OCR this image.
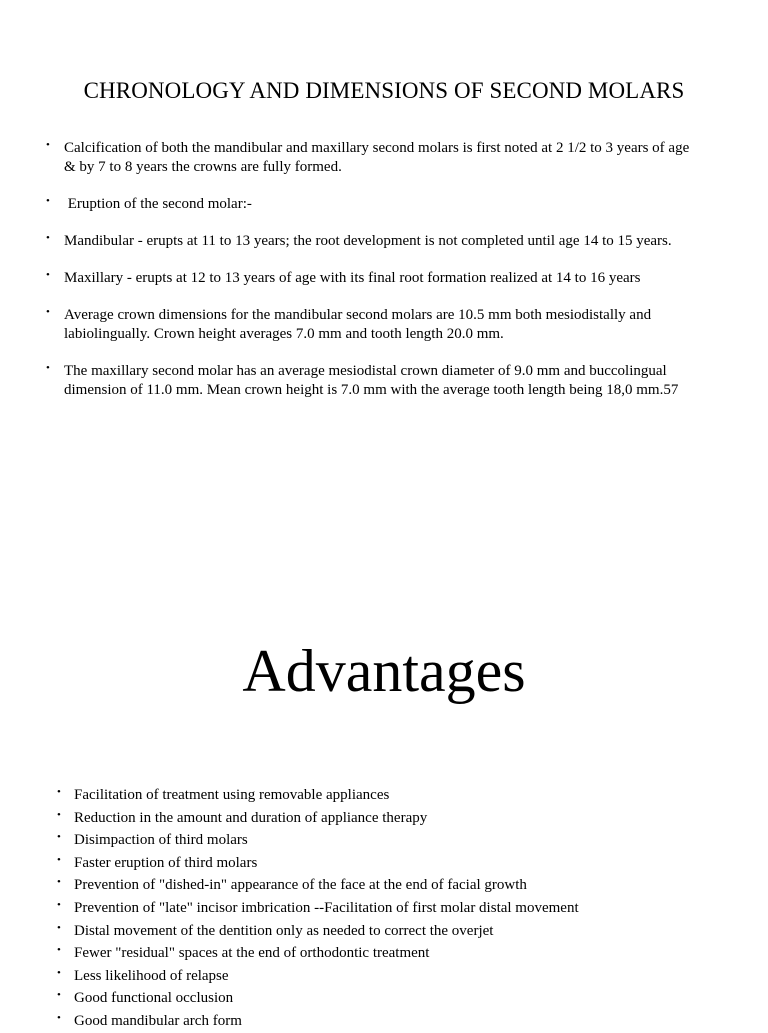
CHRONOLOGY AND DIMENSIONS OF SECOND MOLARS
• Calcification of both the mandibular and maxillary second molars is first noted at 2 1/2 to 3 years of age & by 7 to 8 years the crowns are fully formed.
• Eruption of the second molar:-
• Mandibular - erupts at 11 to 13 years; the root development is not completed until age 14 to 15 years.
• Maxillary - erupts at 12 to 13 years of age with its final root formation realized at 14 to 16 years
• Average crown dimensions for the mandibular second molars are 10.5 mm both mesiodistally and labiolingually. Crown height averages 7.0 mm and tooth length 20.0 mm.
• The maxillary second molar has an average mesiodistal crown diameter of 9.0 mm and buccolingual dimension of 11.0 mm. Mean crown height is 7.0 mm with the average tooth length being 18,0 mm.57
Advantages
• Facilitation of treatment using removable appliances
• Reduction in the amount and duration of appliance therapy
• Disimpaction of third molars
• Faster eruption of third molars
• Prevention of "dished-in" appearance of the face at the end of facial growth
• Prevention of "late" incisor imbrication --Facilitation of first molar distal movement
• Distal movement of the dentition only as needed to correct the overjet
• Fewer "residual" spaces at the end of orthodontic treatment
• Less likelihood of relapse
• Good functional occlusion
• Good mandibular arch form
